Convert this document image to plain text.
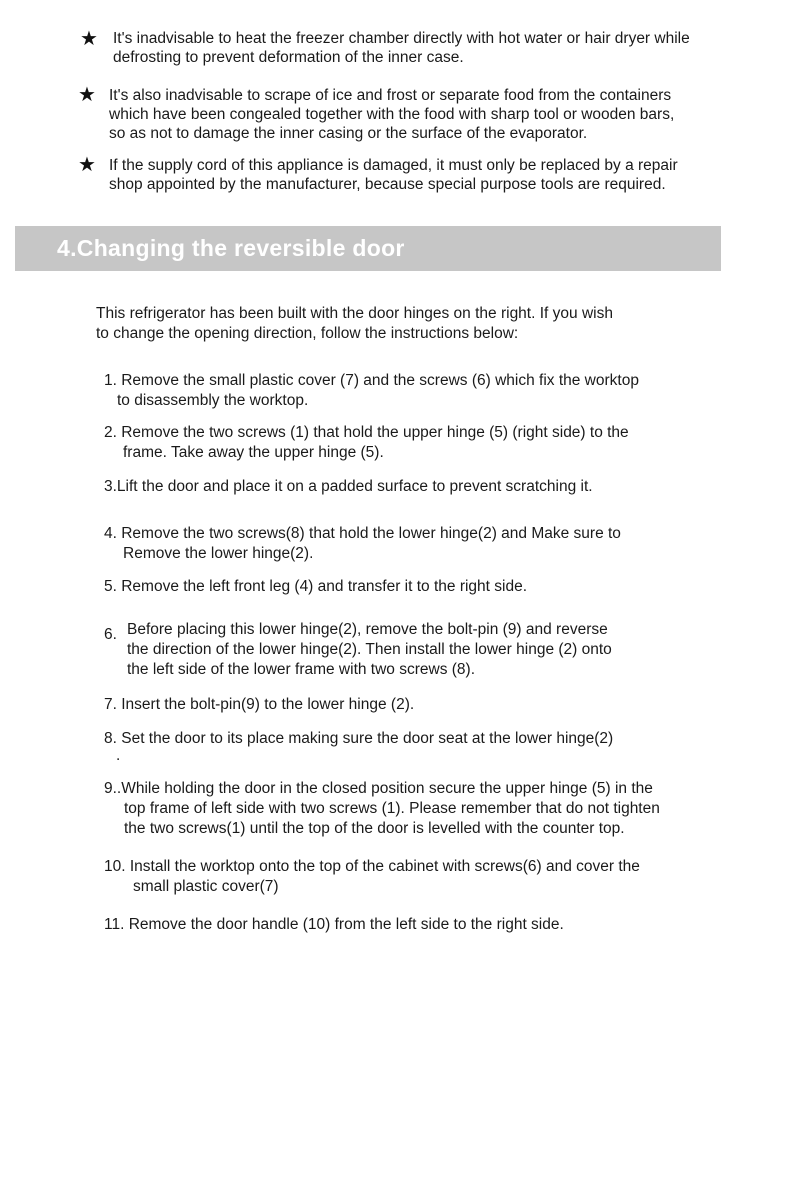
★ It's inadvisable to heat the freezer chamber directly with hot water or hair dryer while
defrosting to prevent deformation of the inner case.
★ It's also inadvisable to scrape of ice and frost or separate food from the containers
which have been congealed together with the food with sharp tool or wooden bars,
so as not to damage the inner casing or the surface of the evaporator.
★ If the supply cord of this appliance is damaged, it must only be replaced by a repair
shop appointed by the manufacturer, because special purpose tools are required.
4.Changing the reversible door
This refrigerator has been built with the door hinges on the right. If you wish
to change the opening direction, follow the instructions below:
1. Remove the small plastic cover (7) and the screws (6) which fix the worktop
to disassembly the worktop.
2. Remove the two screws (1) that hold the upper hinge (5) (right side) to the
frame. Take away the upper hinge (5).
3.Lift the door and place it on a padded surface to prevent scratching it.
4. Remove the two screws(8) that hold the lower hinge(2) and Make sure to
Remove the lower hinge(2).
5. Remove the left front leg (4) and transfer it to the right side.
6. Before placing this lower hinge(2), remove the bolt-pin (9) and reverse
the direction of the lower hinge(2). Then install the lower hinge (2) onto
the left side of the lower frame with two screws (8).
7. Insert the bolt-pin(9) to the lower hinge (2).
8. Set the door to its place making sure the door seat at the lower hinge(2)
.
9..While holding the door in the closed position secure the upper hinge (5) in the
top frame of left side with two screws (1). Please remember that do not tighten
the two screws(1) until the top of the door is levelled with the counter top.
10. Install the worktop onto the top of the cabinet with screws(6) and cover the
small plastic cover(7)
11. Remove the door handle (10) from the left side to the right side.
